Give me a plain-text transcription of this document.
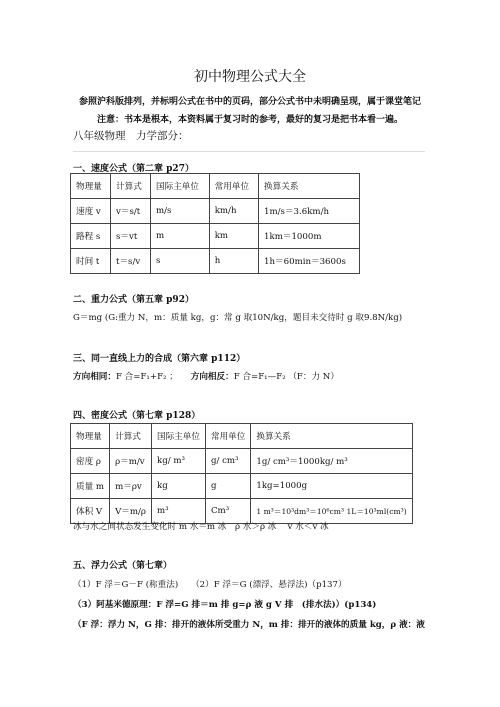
初中物理公式大全
参照沪科版排列，并标明公式在书中的页码，部分公式书中未明确呈现，属于课堂笔记
注意：书本是根本，本资料属于复习时的参考，最好的复习是把书本看一遍。
八年级物理　力学部分：
一、速度公式（第二章 p27）
物理量	计算式	国际主单位	常用单位	换算关系
速度 v	v＝s/t	m/s	km/h	1m/s＝3.6km/h
路程 s	s＝vt	m	km	1km＝1000m
时间 t	t＝s/v	s	h	1h＝60min＝3600s
二、重力公式（第五章 p92）
G＝mg (G:重力 N，m：质量 kg，g：常 g 取10N/kg，题目未交待时 g 取9.8N/kg)
三、同一直线上力的合成（第六章 p112）
方向相同：F 合=F₁+F₂ ；　　 方向相反：F 合=F₁—F₂ （F：力 N）
四、密度公式（第七章 p128）
物理量	计算式	国际主单位	常用单位	换算关系
密度 ρ	ρ＝m/v	kg/ m³	g/ cm³	1g/ cm³＝1000kg/ m³
质量 m	m＝ρv	kg	g	1kg=1000g
体积 V	V＝m/ρ	m³	Cm³	1 m³＝10³dm³＝10⁶cm³ 1L＝10³ml(cm³)
冰与水之间状态发生变化时 m 水＝m 冰　ρ 水＞ρ 冰　 v 水＜v 冰
五、浮力公式（第七章）
（1）F 浮＝G－F (称重法)　　 （2）F 浮＝G (漂浮、悬浮法)（p137）
（3）阿基米德原理：F 浮=G 排＝m 排 g=ρ 液 g V 排　(排水法)）(p134)
（F 浮：浮力 N，G 排：排开的液体所受重力 N，m 排：排开的液体的质量 kg，ρ 液：液
